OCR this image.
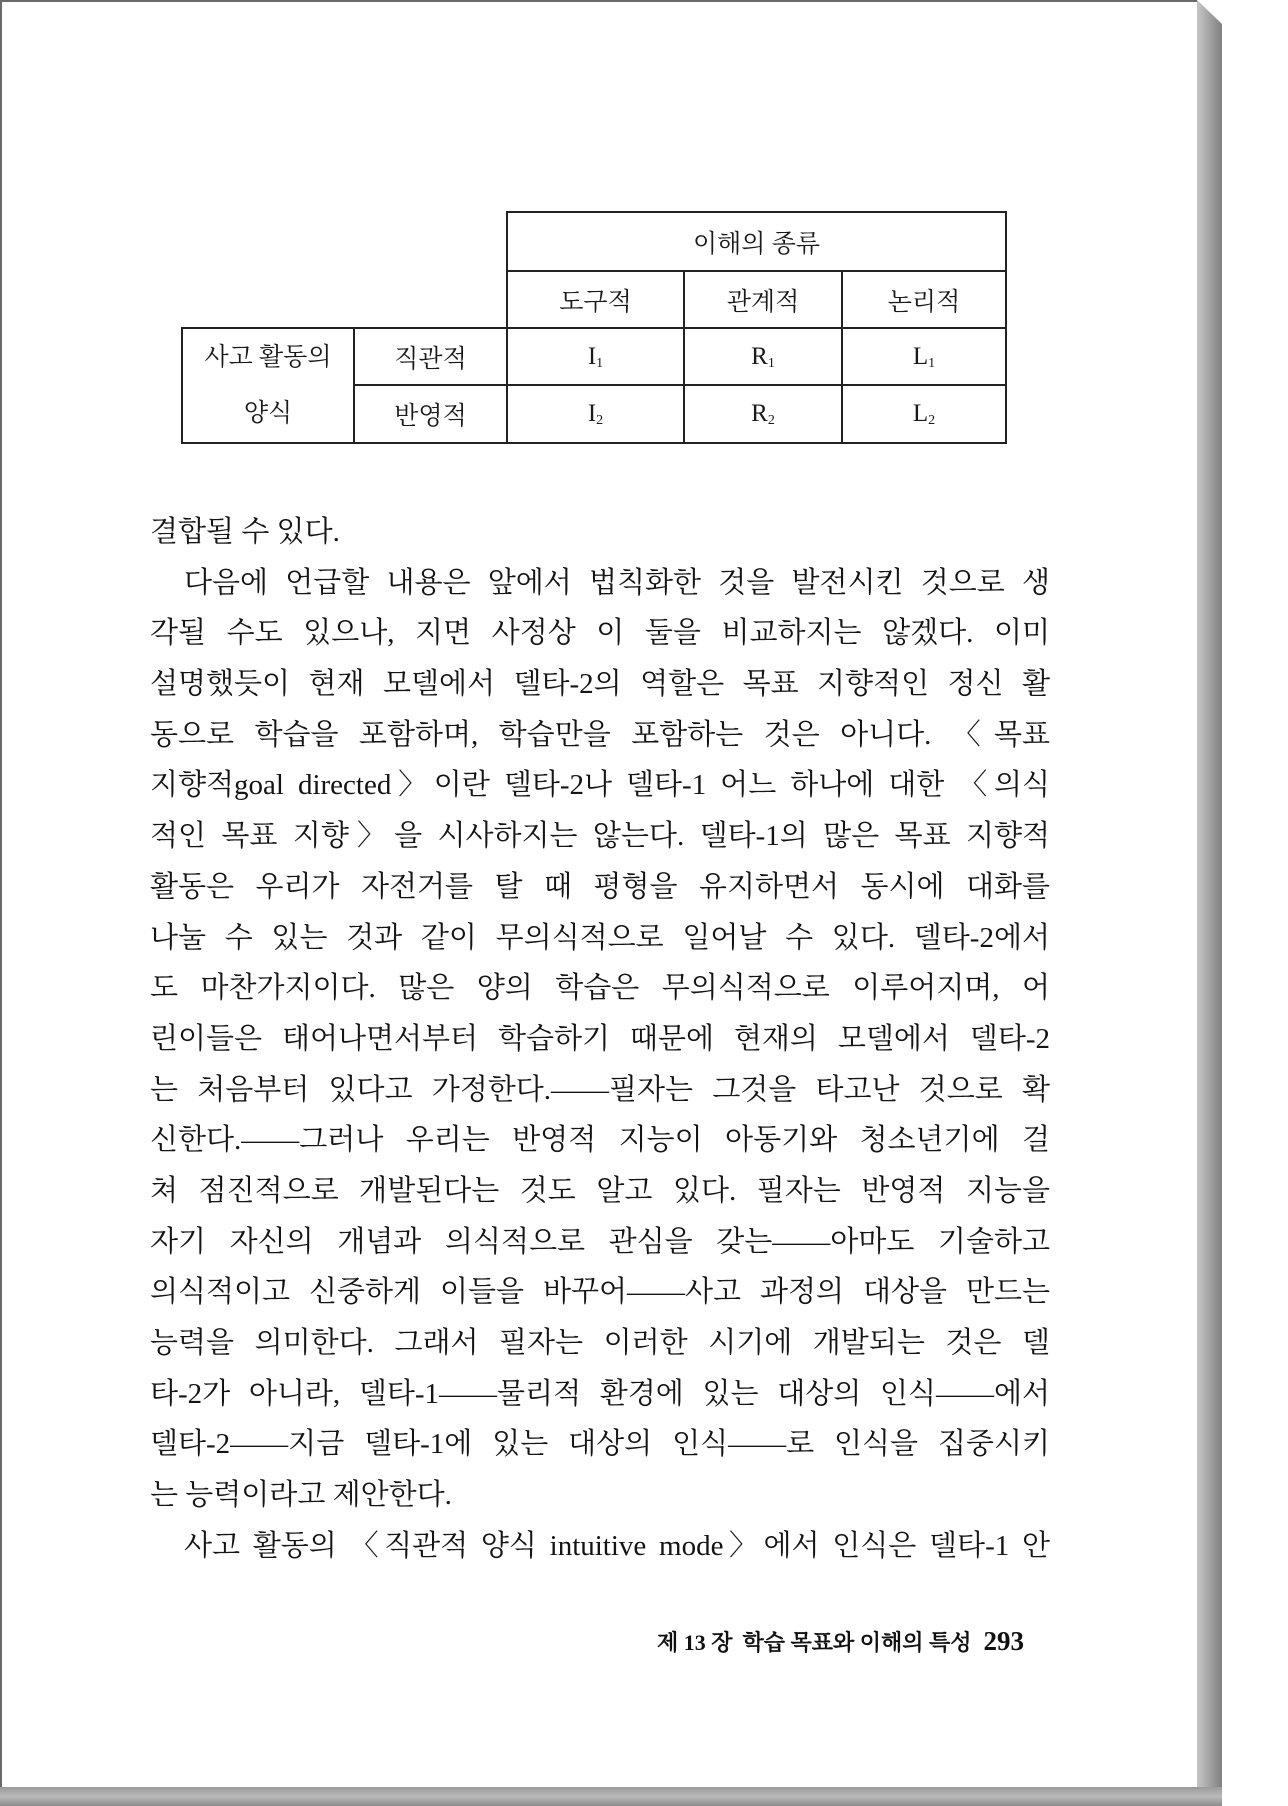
		이해의 종류		
		도구적	관계적	논리적

사고 활동의
양식	직관적	$I_1$	$R_1$	$L_1$
	반영적	$I_2$	$R_2$	$L_2$
결합될 수 있다.
다음에 언급할 내용은 앞에서 법칙화한 것을 발전시킨 것으로 생
각될 수도 있으나, 지면 사정상 이 둘을 비교하지는 않겠다. 이미
설명했듯이 현재 모델에서 델타-2의 역할은 목표 지향적인 정신 활
동으로 학습을 포함하며, 학습만을 포함하는 것은 아니다. 〈목표
지향적goal directed〉이란 델타-2나 델타-1 어느 하나에 대한 〈의식
적인 목표 지향〉을 시사하지는 않는다. 델타-1의 많은 목표 지향적
활동은 우리가 자전거를 탈 때 평형을 유지하면서 동시에 대화를
나눌 수 있는 것과 같이 무의식적으로 일어날 수 있다. 델타-2에서
도 마찬가지이다. 많은 양의 학습은 무의식적으로 이루어지며, 어
린이들은 태어나면서부터 학습하기 때문에 현재의 모델에서 델타-2
는 처음부터 있다고 가정한다.——필자는 그것을 타고난 것으로 확
신한다.——그러나 우리는 반영적 지능이 아동기와 청소년기에 걸
쳐 점진적으로 개발된다는 것도 알고 있다. 필자는 반영적 지능을
자기 자신의 개념과 의식적으로 관심을 갖는——아마도 기술하고
의식적이고 신중하게 이들을 바꾸어——사고 과정의 대상을 만드는
능력을 의미한다. 그래서 필자는 이러한 시기에 개발되는 것은 델
타-2가 아니라, 델타-1——물리적 환경에 있는 대상의 인식——에서
델타-2——지금 델타-1에 있는 대상의 인식——로 인식을 집중시키
는 능력이라고 제안한다.
사고 활동의 〈직관적 양식 intuitive mode〉에서 인식은 델타-1 안
제 13 장 학습 목표와 이해의 특성 293
